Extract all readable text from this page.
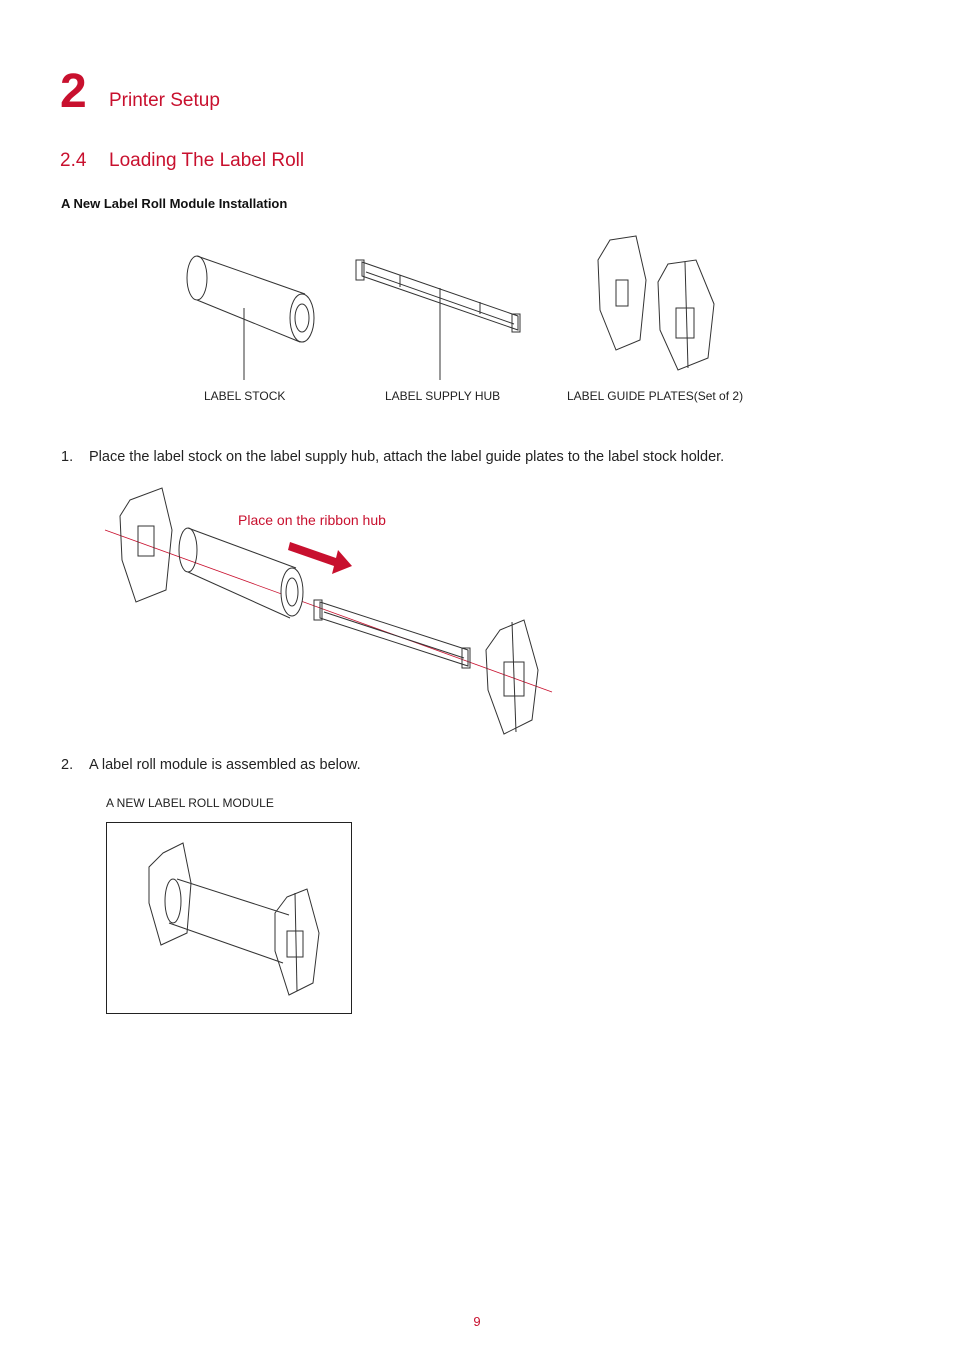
2 Printer Setup
2.4 Loading The Label Roll
A New Label Roll Module Installation
LABEL STOCK	LABEL SUPPLY HUB	LABEL GUIDE PLATES(Set of 2)
1. Place the label stock on the label supply hub, attach the label guide plates to the label stock holder.
Place on the ribbon hub
2. A label roll module is assembled as below.
A NEW LABEL ROLL MODULE
9
